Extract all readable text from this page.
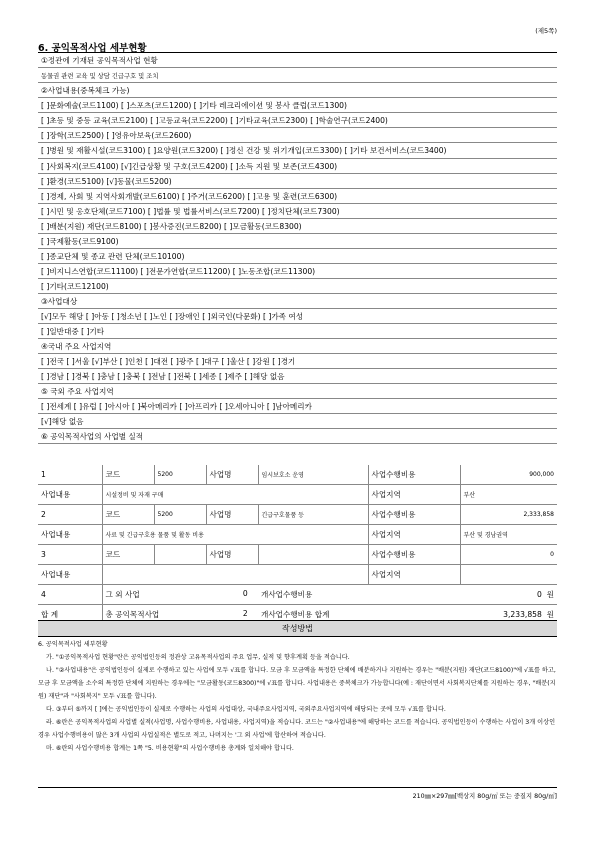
(제5쪽)
6. 공익목적사업 세부현황
①정관에 기재된 공익목적사업 현황
동물권 관련 교육 및 상담 긴급구호 및 조치
②사업내용(중복체크 가능)
[ ]문화예술(코드1100) [ ]스포츠(코드1200) [ ]기타 레크리에이션 및 봉사 클럽(코드1300)
[ ]초등 및 중등 교육(코드2100) [ ]고등교육(코드2200) [ ]기타교육(코드2300) [ ]학술연구(코드2400)
[ ]장학(코드2500) [ ]영유아보육(코드2600)
[ ]병원 및 재활시설(코드3100) [ ]요양원(코드3200) [ ]정신 건강 및 위기개입(코드3300) [ ]기타 보건서비스(코드3400)
[ ]사회복지(코드4100) [√]긴급상황 및 구호(코드4200) [ ]소득 지원 및 보존(코드4300)
[ ]환경(코드5100) [√]동물(코드5200)
[ ]경제, 사회 및 지역사회개발(코드6100) [ ]주거(코드6200) [ ]고용 및 훈련(코드6300)
[ ]시민 및 옹호단체(코드7100) [ ]법률 및 법률서비스(코드7200) [ ]정치단체(코드7300)
[ ]배분(지원) 재단(코드8100) [ ]봉사증진(코드8200) [ ]모금활동(코드8300)
[ ]국제활동(코드9100)
[ ]종교단체 및 종교 관련 단체(코드10100)
[ ]비지니스연합(코드11100) [ ]전문가연합(코드11200) [ ]노동조합(코드11300)
[ ]기타(코드12100)
③사업대상
[√]모두 해당 [ ]아동 [ ]청소년 [ ]노인 [ ]장애인 [ ]외국인(다문화) [ ]가족 여성
[ ]일반대중 [ ]기타
④국내 주요 사업지역
[ ]전국 [ ]서울 [√]부산 [ ]인천 [ ]대전 [ ]광주 [ ]대구 [ ]울산 [ ]강원 [ ]경기
[ ]경남 [ ]경북 [ ]충남 [ ]충북 [ ]전남 [ ]전북 [ ]세종 [ ]제주 [ ]해당 없음
⑤ 국외 주요 사업지역
[ ]전세계 [ ]유럽 [ ]아시아 [ ]북아메리카 [ ]아프리카 [ ]오세아니아 [ ]남아메리카
[√]해당 없음
⑥ 공익목적사업의 사업별 실적
1	코드	5200	사업명	임시보호소 운영	사업수행비용	900,000
사업내용	시설정비 및 자재 구매				사업지역	부산
2	코드	5200	사업명	긴급구호물품 등	사업수행비용	2,333,858
사업내용	사료 및 긴급구호용 물품 및 활동 비용				사업지역	부산 및 경남권역
3	코드		사업명		사업수행비용	0
사업내용					사업지역	
4	그 외 사업 0			개사업수행비용	0 원	
합 계	총 공익목적사업 2			개사업수행비용 합계	3,233,858 원	
작성방법

6. 공익목적사업 세부현황

가. "①공익목적사업 현황"란은 공익법인등의 정관상 고유목적사업의 주요 업무, 실적 및 향후계획 등을 적습니다.

나. "②사업내용"은 공익법인등이 실제로 수행하고 있는 사업에 모두 √표를 합니다. 모금 후 모금액을 특정한 단체에 배분하거나 지원하는 경우는 "배분(지원) 재단(코드8100)"에 √표를 하고, 모금 후 모금액을 소수의 특정한 단체에 지원하는 경우에는 "모금활동(코드8300)"에 √표를 합니다. 사업내용은 중복체크가 가능합니다(예 : 재단이면서 사회복지단체를 지원하는 경우, "배분(지원) 재단"과 "사회복지" 모두 √표를 합니다).

다. ③부터 ⑤까지 [ ]에는 공익법인등이 실제로 수행하는 사업의 사업대상, 국내주요사업지역, 국외주요사업지역에 해당되는 곳에 모두 √표를 합니다.

라. ⑥란은 공익목적사업의 사업별 실적(사업명, 사업수행비용, 사업내용, 사업지역)을 적습니다. 코드는 "②사업내용"에 해당하는 코드를 적습니다. 공익법인등이 수행하는 사업이 3개 이상인 경우 사업수행비용이 많은 3개 사업의 사업실적은 별도로 적고, 나머지는 '그 외 사업'에 합산하여 적습니다.

마. ⑥란의 사업수행비용 합계는 1쪽 "5. 비용현황"의 사업수행비용 총계와 일치해야 합니다.

210㎜×297㎜[백상지 80g/㎡ 또는 중질지 80g/㎡]
